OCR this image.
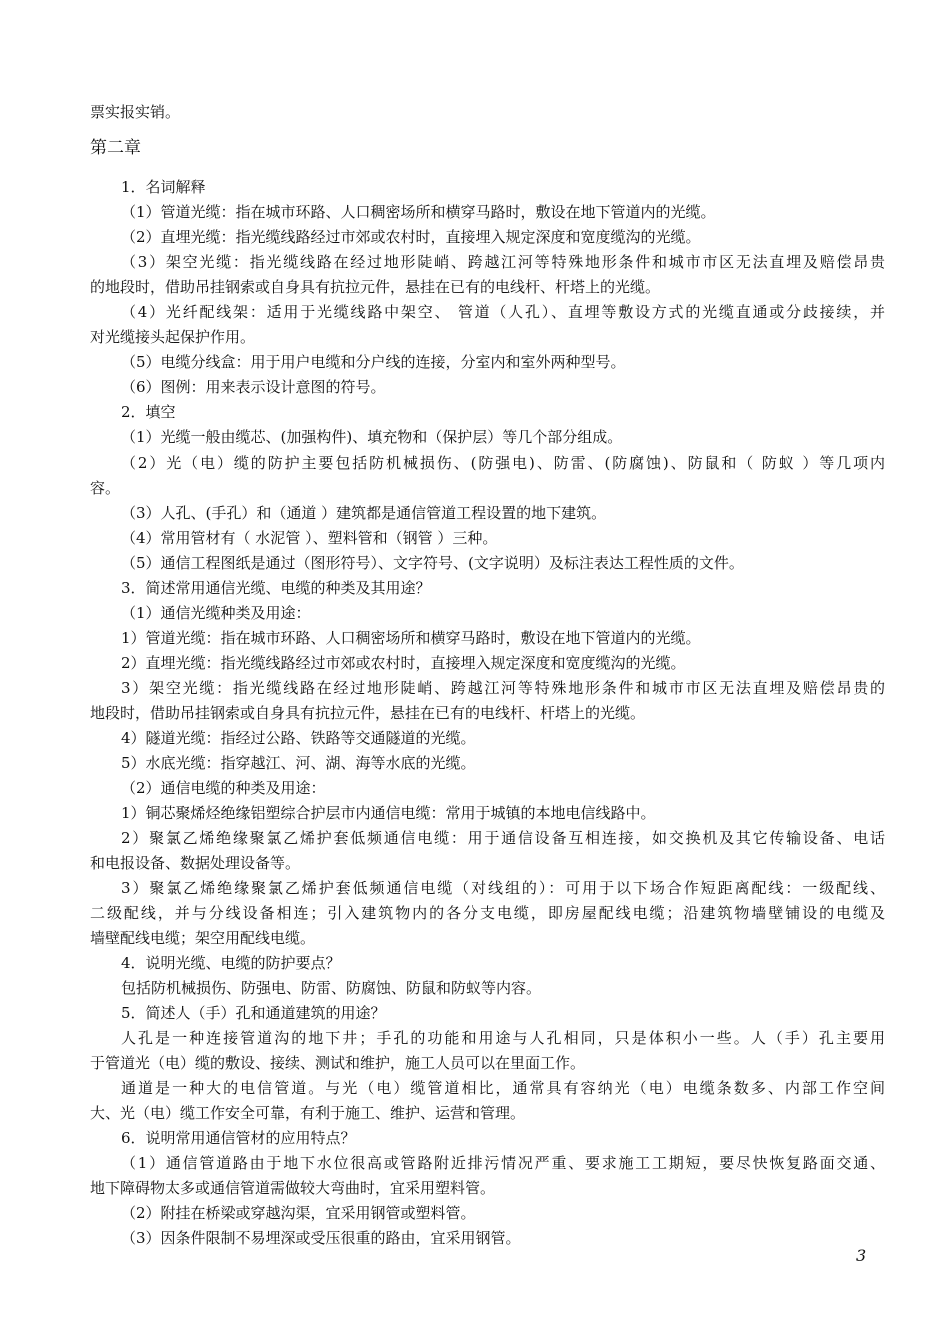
票实报实销。
第二章
1．名词解释
（1）管道光缆：指在城市环路、人口稠密场所和横穿马路时，敷设在地下管道内的光缆。
（2）直埋光缆：指光缆线路经过市郊或农村时，直接埋入规定深度和宽度缆沟的光缆。
（3）架空光缆：指光缆线路在经过地形陡峭、跨越江河等特殊地形条件和城市市区无法直埋及赔偿昂贵
的地段时，借助吊挂钢索或自身具有抗拉元件，悬挂在已有的电线杆、杆塔上的光缆。
（4）光纤配线架：适用于光缆线路中架空、 管道（人孔）、直埋等敷设方式的光缆直通或分歧接续，并
对光缆接头起保护作用。
（5）电缆分线盒：用于用户电缆和分户线的连接，分室内和室外两种型号。
（6）图例：用来表示设计意图的符号。
2．填空
（1）光缆一般由缆芯、(加强构件)、填充物和（保护层）等几个部分组成。
（2）光（电）缆的防护主要包括防机械损伤、(防强电)、防雷、(防腐蚀)、防鼠和（ 防蚁 ）等几项内
容。
（3）人孔、(手孔）和（通道 ）建筑都是通信管道工程设置的地下建筑。
（4）常用管材有（ 水泥管 ）、塑料管和（钢管 ）三种。
（5）通信工程图纸是通过（图形符号）、文字符号、(文字说明）及标注表达工程性质的文件。
3．简述常用通信光缆、电缆的种类及其用途？
（1）通信光缆种类及用途：
1）管道光缆：指在城市环路、人口稠密场所和横穿马路时，敷设在地下管道内的光缆。
2）直埋光缆：指光缆线路经过市郊或农村时，直接埋入规定深度和宽度缆沟的光缆。
3）架空光缆：指光缆线路在经过地形陡峭、跨越江河等特殊地形条件和城市市区无法直埋及赔偿昂贵的
地段时，借助吊挂钢索或自身具有抗拉元件，悬挂在已有的电线杆、杆塔上的光缆。
4）隧道光缆：指经过公路、铁路等交通隧道的光缆。
5）水底光缆：指穿越江、河、湖、海等水底的光缆。
（2）通信电缆的种类及用途：
1）铜芯聚烯烃绝缘铝塑综合护层市内通信电缆：常用于城镇的本地电信线路中。
2）聚氯乙烯绝缘聚氯乙烯护套低频通信电缆：用于通信设备互相连接，如交换机及其它传输设备、电话
和电报设备、数据处理设备等。
3）聚氯乙烯绝缘聚氯乙烯护套低频通信电缆（对线组的）：可用于以下场合作短距离配线：一级配线、
二级配线，并与分线设备相连；引入建筑物内的各分支电缆，即房屋配线电缆；沿建筑物墙壁铺设的电缆及
墙壁配线电缆；架空用配线电缆。
4．说明光缆、电缆的防护要点？
包括防机械损伤、防强电、防雷、防腐蚀、防鼠和防蚁等内容。
5．简述人（手）孔和通道建筑的用途？
人孔是一种连接管道沟的地下井；手孔的功能和用途与人孔相同，只是体积小一些。人（手）孔主要用
于管道光（电）缆的敷设、接续、测试和维护，施工人员可以在里面工作。
通道是一种大的电信管道。与光（电）缆管道相比，通常具有容纳光（电）电缆条数多、内部工作空间
大、光（电）缆工作安全可靠，有利于施工、维护、运营和管理。
6．说明常用通信管材的应用特点？
（1）通信管道路由于地下水位很高或管路附近排污情况严重、要求施工工期短，要尽快恢复路面交通、
地下障碍物太多或通信管道需做较大弯曲时，宜采用塑料管。
（2）附挂在桥梁或穿越沟渠，宜采用钢管或塑料管。
（3）因条件限制不易埋深或受压很重的路由，宜采用钢管。
3
